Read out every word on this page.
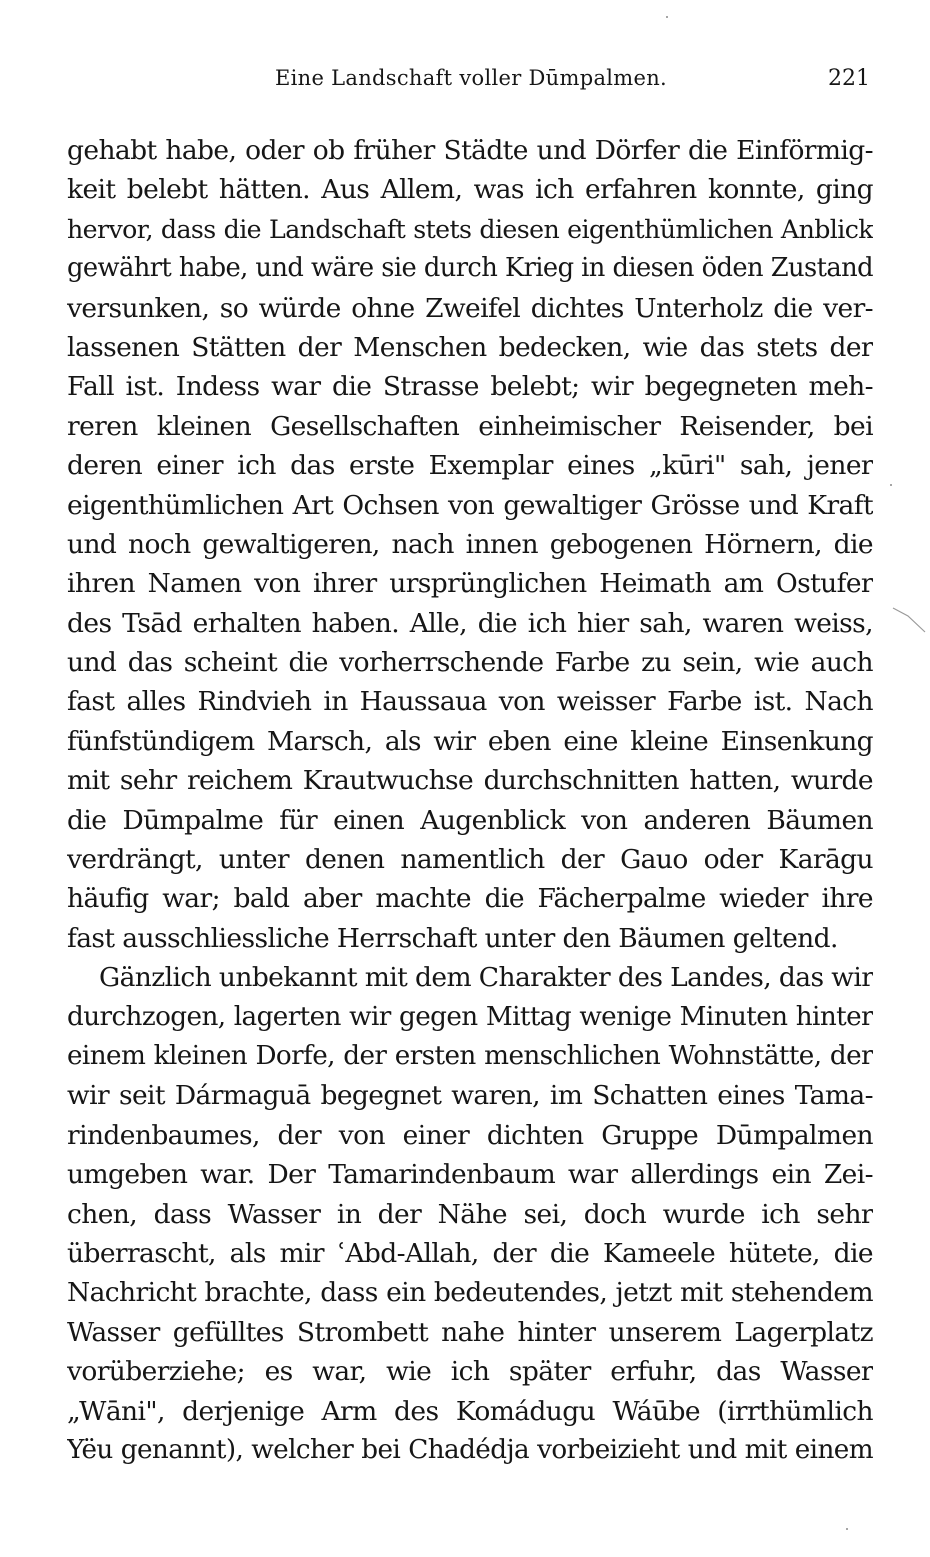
Eine Landschaft voller Dūmpalmen.	221
gehabt habe, oder ob früher Städte und Dörfer die Einförmig-
keit belebt hätten. Aus Allem, was ich erfahren konnte, ging
hervor, dass die Landschaft stets diesen eigenthümlichen Anblick
gewährt habe, und wäre sie durch Krieg in diesen öden Zustand
versunken, so würde ohne Zweifel dichtes Unterholz die ver-
lassenen Stätten der Menschen bedecken, wie das stets der
Fall ist. Indess war die Strasse belebt; wir begegneten meh-
reren kleinen Gesellschaften einheimischer Reisender, bei
deren einer ich das erste Exemplar eines „kūri" sah, jener
eigenthümlichen Art Ochsen von gewaltiger Grösse und Kraft
und noch gewaltigeren, nach innen gebogenen Hörnern, die
ihren Namen von ihrer ursprünglichen Heimath am Ostufer
des Tsād erhalten haben. Alle, die ich hier sah, waren weiss,
und das scheint die vorherrschende Farbe zu sein, wie auch
fast alles Rindvieh in Haussaua von weisser Farbe ist. Nach
fünfstündigem Marsch, als wir eben eine kleine Einsenkung
mit sehr reichem Krautwuchse durchschnitten hatten, wurde
die Dūmpalme für einen Augenblick von anderen Bäumen
verdrängt, unter denen namentlich der Gauo oder Karāgu
häufig war; bald aber machte die Fächerpalme wieder ihre
fast ausschliessliche Herrschaft unter den Bäumen geltend.
Gänzlich unbekannt mit dem Charakter des Landes, das wir
durchzogen, lagerten wir gegen Mittag wenige Minuten hinter
einem kleinen Dorfe, der ersten menschlichen Wohnstätte, der
wir seit Dármaguā begegnet waren, im Schatten eines Tama-
rindenbaumes, der von einer dichten Gruppe Dūmpalmen
umgeben war. Der Tamarindenbaum war allerdings ein Zei-
chen, dass Wasser in der Nähe sei, doch wurde ich sehr
überrascht, als mir ʿAbd-Allah, der die Kameele hütete, die
Nachricht brachte, dass ein bedeutendes, jetzt mit stehendem
Wasser gefülltes Strombett nahe hinter unserem Lagerplatz
vorüberziehe; es war, wie ich später erfuhr, das Wasser
„Wāni", derjenige Arm des Komádugu Wáūbe (irrthümlich
Yëu genannt), welcher bei Chadédja vorbeizieht und mit einem
